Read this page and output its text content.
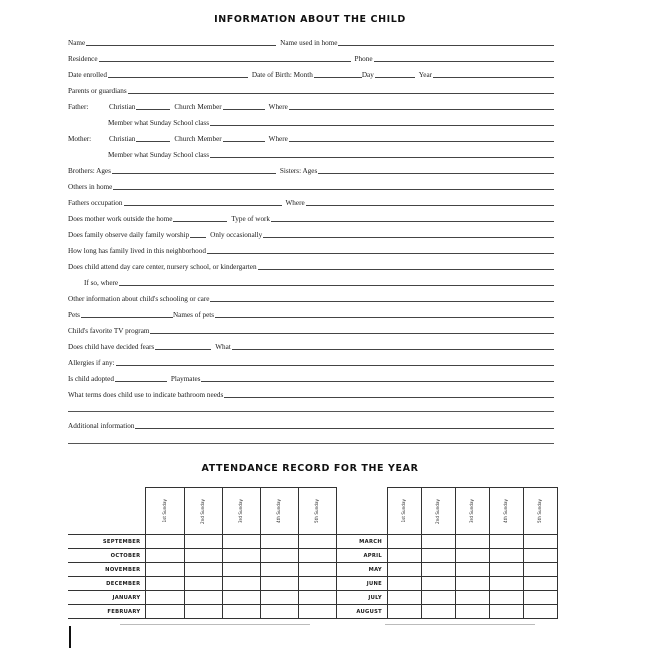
INFORMATION ABOUT THE CHILD
Name	Name used in home
Residence	Phone
Date enrolled	Date of Birth: Month	Day	Year
Parents or guardians
Father:	Christian	Church Member	Where
Member what Sunday School class
Mother:	Christian	Church Member	Where
Member what Sunday School class
Brothers: Ages	Sisters: Ages
Others in home
Fathers occupation	Where
Does mother work outside the home	Type of work
Does family observe daily family worship	Only occasionally
How long has family lived in this neighborhood
Does child attend day care center, nursery school, or kindergarten
If so, where
Other information about child's schooling or care
Pets	Names of pets
Child's favorite TV program
Does child have decided fears	What
Allergies if any:
Is child adopted	Playmates
What terms does child use to indicate bathroom needs
Additional information
ATTENDANCE RECORD FOR THE YEAR

	1st Sunday	2nd Sunday	3rd Sunday	4th Sunday	5th Sunday

SEPTEMBER					
OCTOBER					
NOVEMBER					
DECEMBER					
JANUARY					
FEBRUARY					

	1st Sunday	2nd Sunday	3rd Sunday	4th Sunday	5th Sunday

MARCH					
APRIL					
MAY					
JUNE					
JULY					
AUGUST					
